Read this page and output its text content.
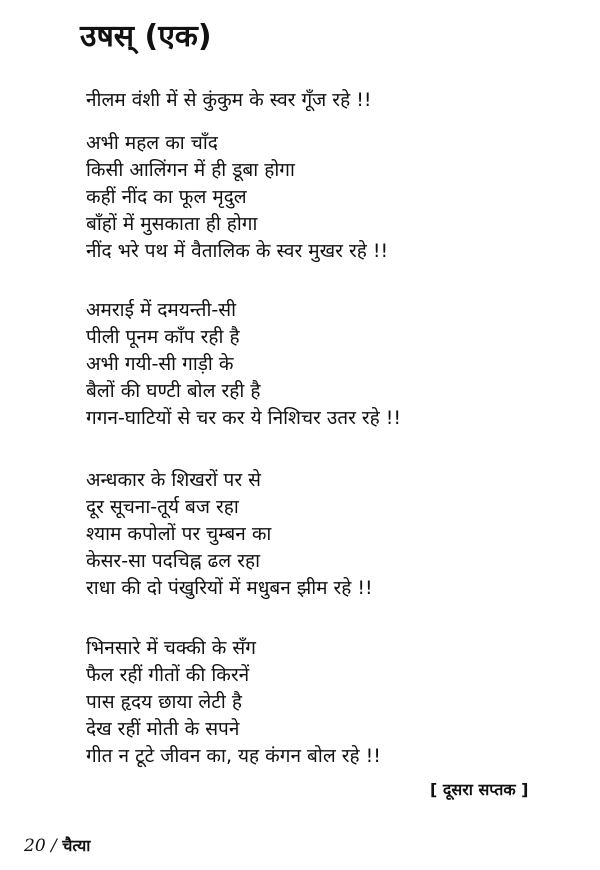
उषस् (एक)
नीलम वंशी में से कुंकुम के स्वर गूँज रहे !!
अभी महल का चाँद
किसी आलिंगन में ही डूबा होगा
कहीं नींद का फूल मृदुल
बाँहों में मुसकाता ही होगा
नींद भरे पथ में वैतालिक के स्वर मुखर रहे !!
अमराई में दमयन्ती-सी
पीली पूनम काँप रही है
अभी गयी-सी गाड़ी के
बैलों की घण्टी बोल रही है
गगन-घाटियों से चर कर ये निशिचर उतर रहे !!
अन्धकार के शिखरों पर से
दूर सूचना-तूर्य बज रहा
श्याम कपोलों पर चुम्बन का
केसर-सा पदचिह्न ढल रहा
राधा की दो पंखुरियों में मधुबन झीम रहे !!
भिनसारे में चक्की के सँग
फैल रहीं गीतों की किरनें
पास हृदय छाया लेटी है
देख रहीं मोती के सपने
गीत न टूटे जीवन का, यह कंगन बोल रहे !!
[ दूसरा सप्तक ]
20 / चैत्या
